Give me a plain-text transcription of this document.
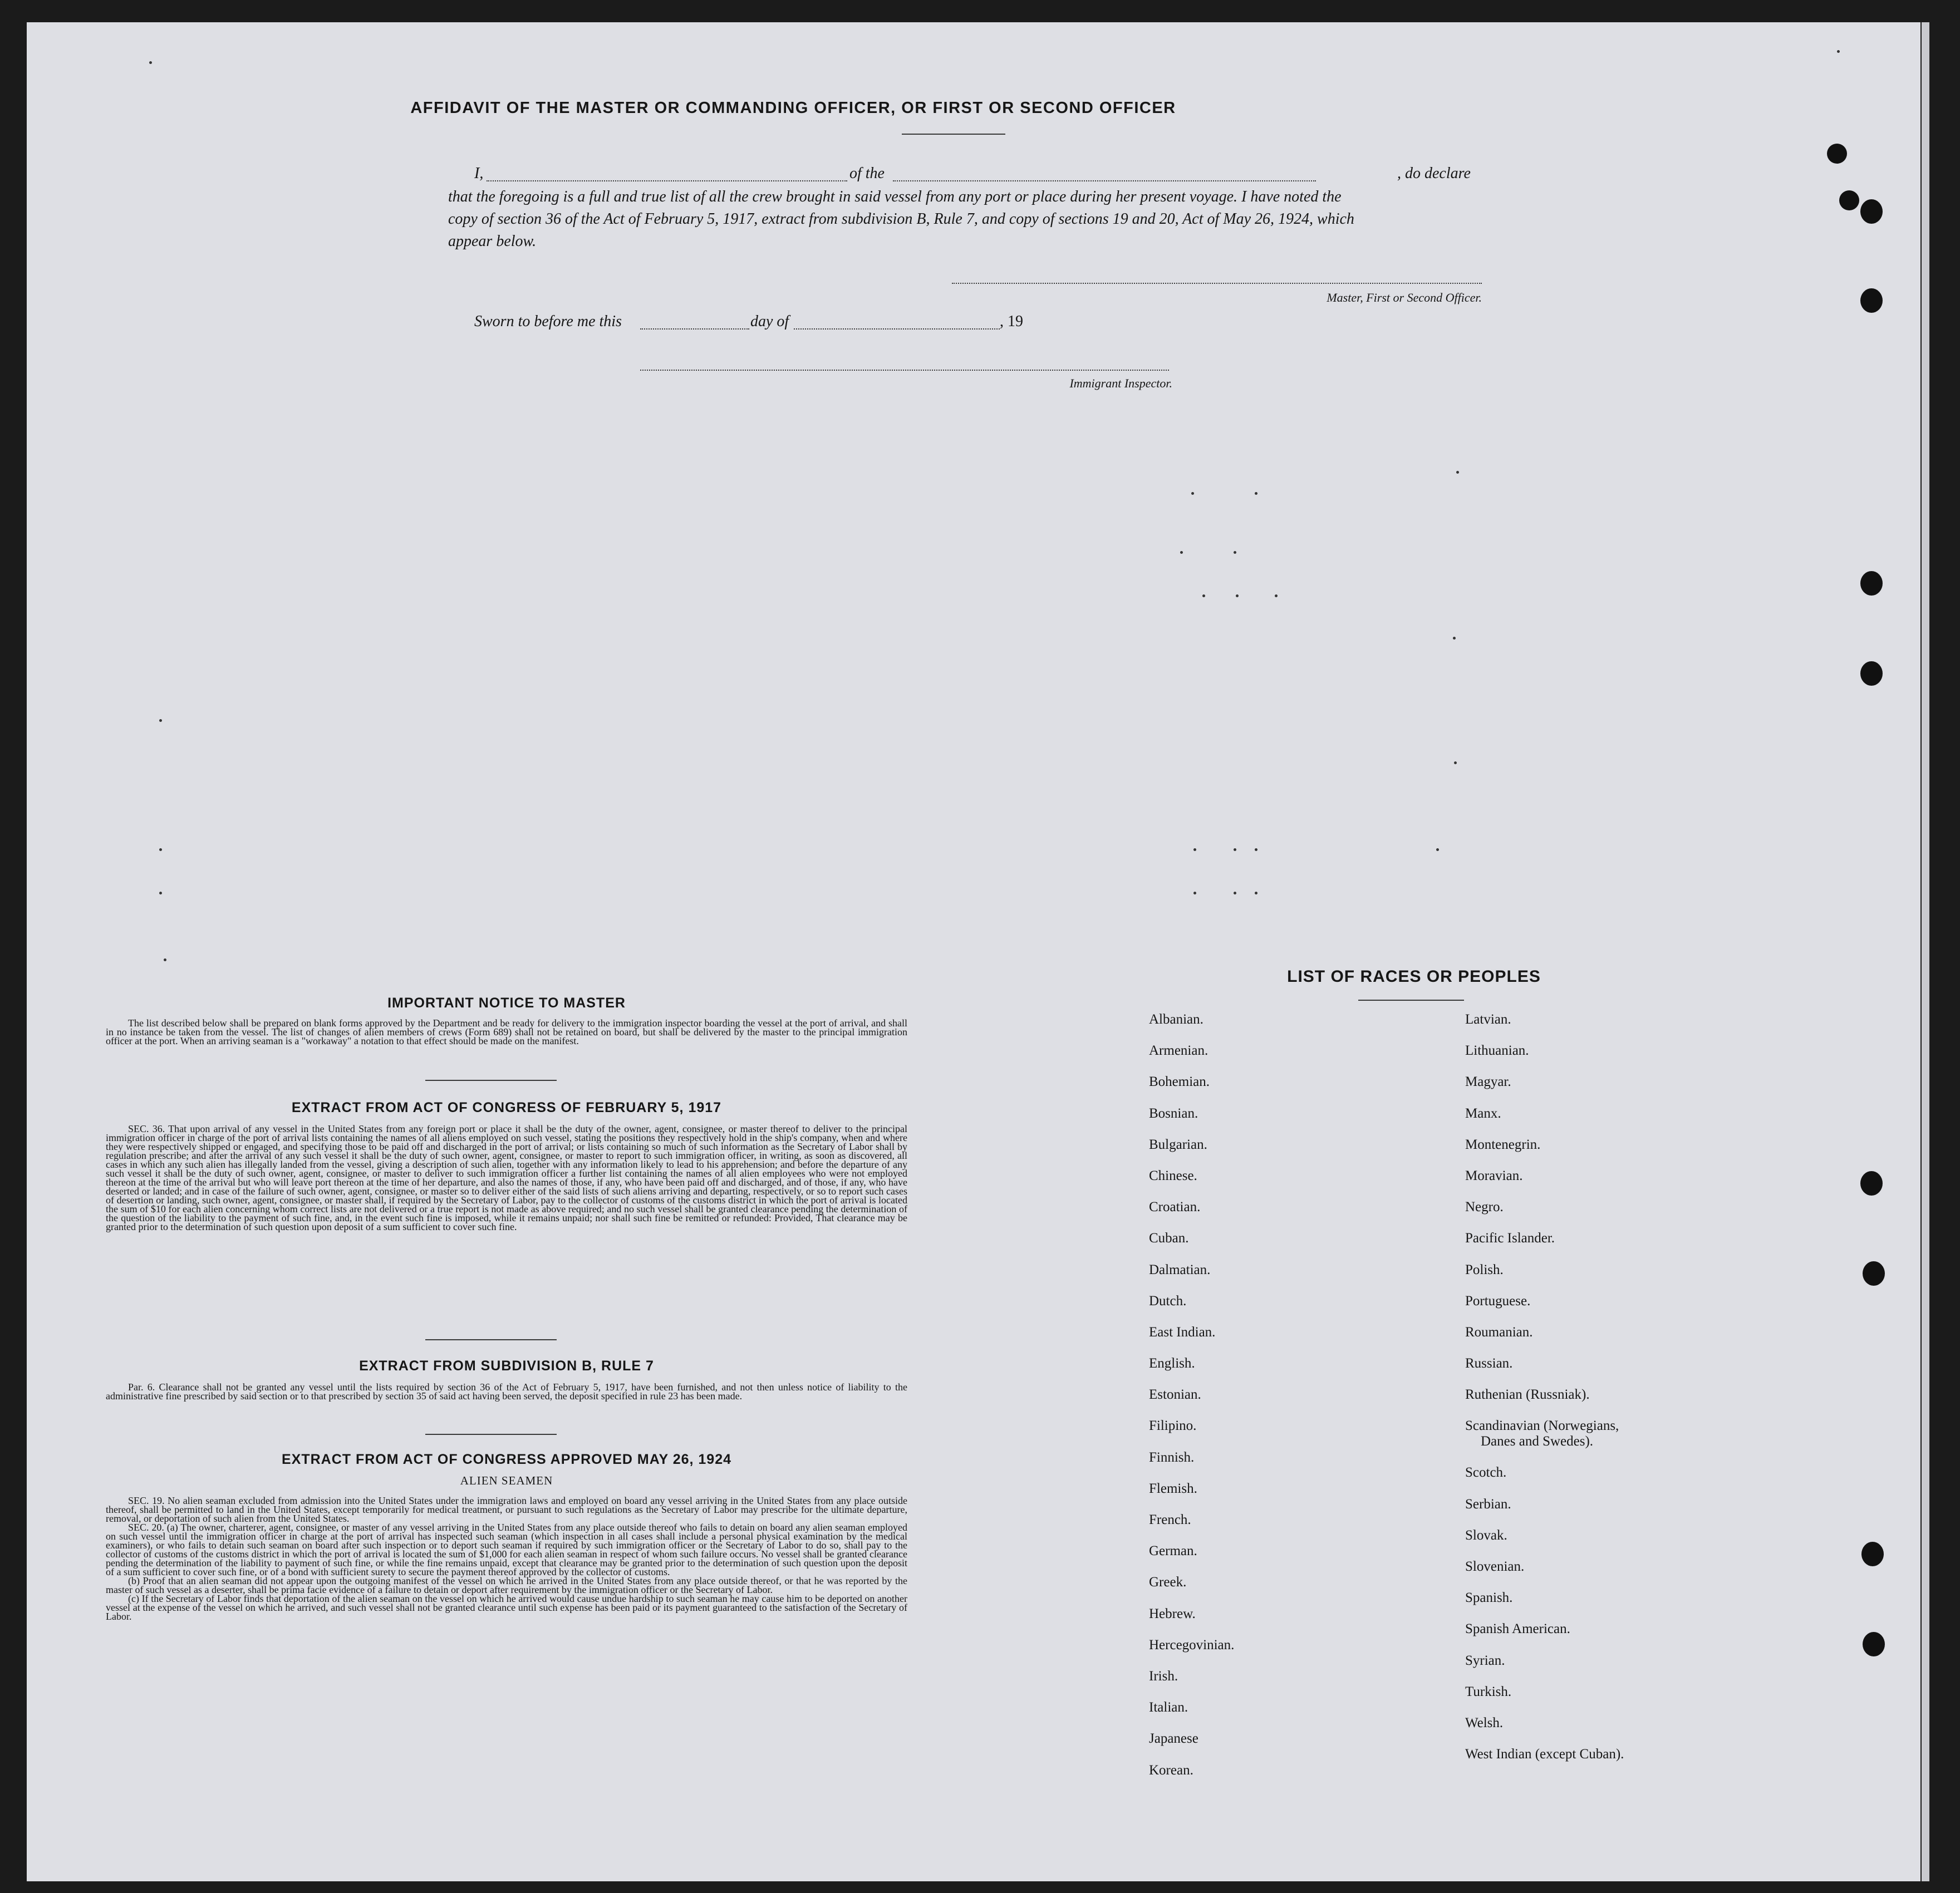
AFFIDAVIT OF THE MASTER OR COMMANDING OFFICER, OR FIRST OR SECOND OFFICER
I,	of the	, do declare
that the foregoing is a full and true list of all the crew brought in said vessel from any port or place during her present voyage. I have noted the
copy of section 36 of the Act of February 5, 1917, extract from subdivision B, Rule 7, and copy of sections 19 and 20, Act of May 26, 1924, which
appear below.
Master, First or Second Officer.
Sworn to before me this	day of	, 19
Immigrant Inspector.
IMPORTANT NOTICE TO MASTER

The list described below shall be prepared on blank forms approved by the Department and be ready for delivery to the immigration inspector boarding the vessel at the port of arrival, and shall in no instance be taken from the vessel. The list of changes of alien members of crews (Form 689) shall not be retained on board, but shall be delivered by the master to the principal immigration officer at the port. When an arriving seaman is a "workaway" a notation to that effect should be made on the manifest.

EXTRACT FROM ACT OF CONGRESS OF FEBRUARY 5, 1917

SEC. 36. That upon arrival of any vessel in the United States from any foreign port or place it shall be the duty of the owner, agent, consignee, or master thereof to deliver to the principal immigration officer in charge of the port of arrival lists containing the names of all aliens employed on such vessel, stating the positions they respectively hold in the ship's company, when and where they were respectively shipped or engaged, and specifying those to be paid off and discharged in the port of arrival; or lists containing so much of such information as the Secretary of Labor shall by regulation prescribe; and after the arrival of any such vessel it shall be the duty of such owner, agent, consignee, or master to report to such immigration officer, in writing, as soon as discovered, all cases in which any such alien has illegally landed from the vessel, giving a description of such alien, together with any information likely to lead to his apprehension; and before the departure of any such vessel it shall be the duty of such owner, agent, consignee, or master to deliver to such immigration officer a further list containing the names of all alien employees who were not employed thereon at the time of the arrival but who will leave port thereon at the time of her departure, and also the names of those, if any, who have been paid off and discharged, and of those, if any, who have deserted or landed; and in case of the failure of such owner, agent, consignee, or master so to deliver either of the said lists of such aliens arriving and departing, respectively, or so to report such cases of desertion or landing, such owner, agent, consignee, or master shall, if required by the Secretary of Labor, pay to the collector of customs of the customs district in which the port of arrival is located the sum of $10 for each alien concerning whom correct lists are not delivered or a true report is not made as above required; and no such vessel shall be granted clearance pending the determination of the question of the liability to the payment of such fine, and, in the event such fine is imposed, while it remains unpaid; nor shall such fine be remitted or refunded: Provided, That clearance may be granted prior to the determination of such question upon deposit of a sum sufficient to cover such fine.

EXTRACT FROM SUBDIVISION B, RULE 7

Par. 6. Clearance shall not be granted any vessel until the lists required by section 36 of the Act of February 5, 1917, have been furnished, and not then unless notice of liability to the administrative fine prescribed by said section or to that prescribed by section 35 of said act having been served, the deposit specified in rule 23 has been made.

EXTRACT FROM ACT OF CONGRESS APPROVED MAY 26, 1924
ALIEN SEAMEN

SEC. 19. No alien seaman excluded from admission into the United States under the immigration laws and employed on board any vessel arriving in the United States from any place outside thereof, shall be permitted to land in the United States, except temporarily for medical treatment, or pursuant to such regulations as the Secretary of Labor may prescribe for the ultimate departure, removal, or deportation of such alien from the United States.

SEC. 20. (a) The owner, charterer, agent, consignee, or master of any vessel arriving in the United States from any place outside thereof who fails to detain on board any alien seaman employed on such vessel until the immigration officer in charge at the port of arrival has inspected such seaman (which inspection in all cases shall include a personal physical examination by the medical examiners), or who fails to detain such seaman on board after such inspection or to deport such seaman if required by such immigration officer or the Secretary of Labor to do so, shall pay to the collector of customs of the customs district in which the port of arrival is located the sum of $1,000 for each alien seaman in respect of whom such failure occurs. No vessel shall be granted clearance pending the determination of the liability to payment of such fine, or while the fine remains unpaid, except that clearance may be granted prior to the determination of such question upon the deposit of a sum sufficient to cover such fine, or of a bond with sufficient surety to secure the payment thereof approved by the collector of customs.

(b) Proof that an alien seaman did not appear upon the outgoing manifest of the vessel on which he arrived in the United States from any place outside thereof, or that he was reported by the master of such vessel as a deserter, shall be prima facie evidence of a failure to detain or deport after requirement by the immigration officer or the Secretary of Labor.

(c) If the Secretary of Labor finds that deportation of the alien seaman on the vessel on which he arrived would cause undue hardship to such seaman he may cause him to be deported on another vessel at the expense of the vessel on which he arrived, and such vessel shall not be granted clearance until such expense has been paid or its payment guaranteed to the satisfaction of the Secretary of Labor.

LIST OF RACES OR PEOPLES
Albanian.
Armenian.
Bohemian.
Bosnian.
Bulgarian.
Chinese.
Croatian.
Cuban.
Dalmatian.
Dutch.
East Indian.
English.
Estonian.
Filipino.
Finnish.
Flemish.
French.
German.
Greek.
Hebrew.
Hercegovinian.
Irish.
Italian.
Japanese
Korean.
Latvian.
Lithuanian.
Magyar.
Manx.
Montenegrin.
Moravian.
Negro.
Pacific Islander.
Polish.
Portuguese.
Roumanian.
Russian.
Ruthenian (Russniak).
Scandinavian (Norwegians,
Danes and Swedes).
Scotch.
Serbian.
Slovak.
Slovenian.
Spanish.
Spanish American.
Syrian.
Turkish.
Welsh.
West Indian (except Cuban).
